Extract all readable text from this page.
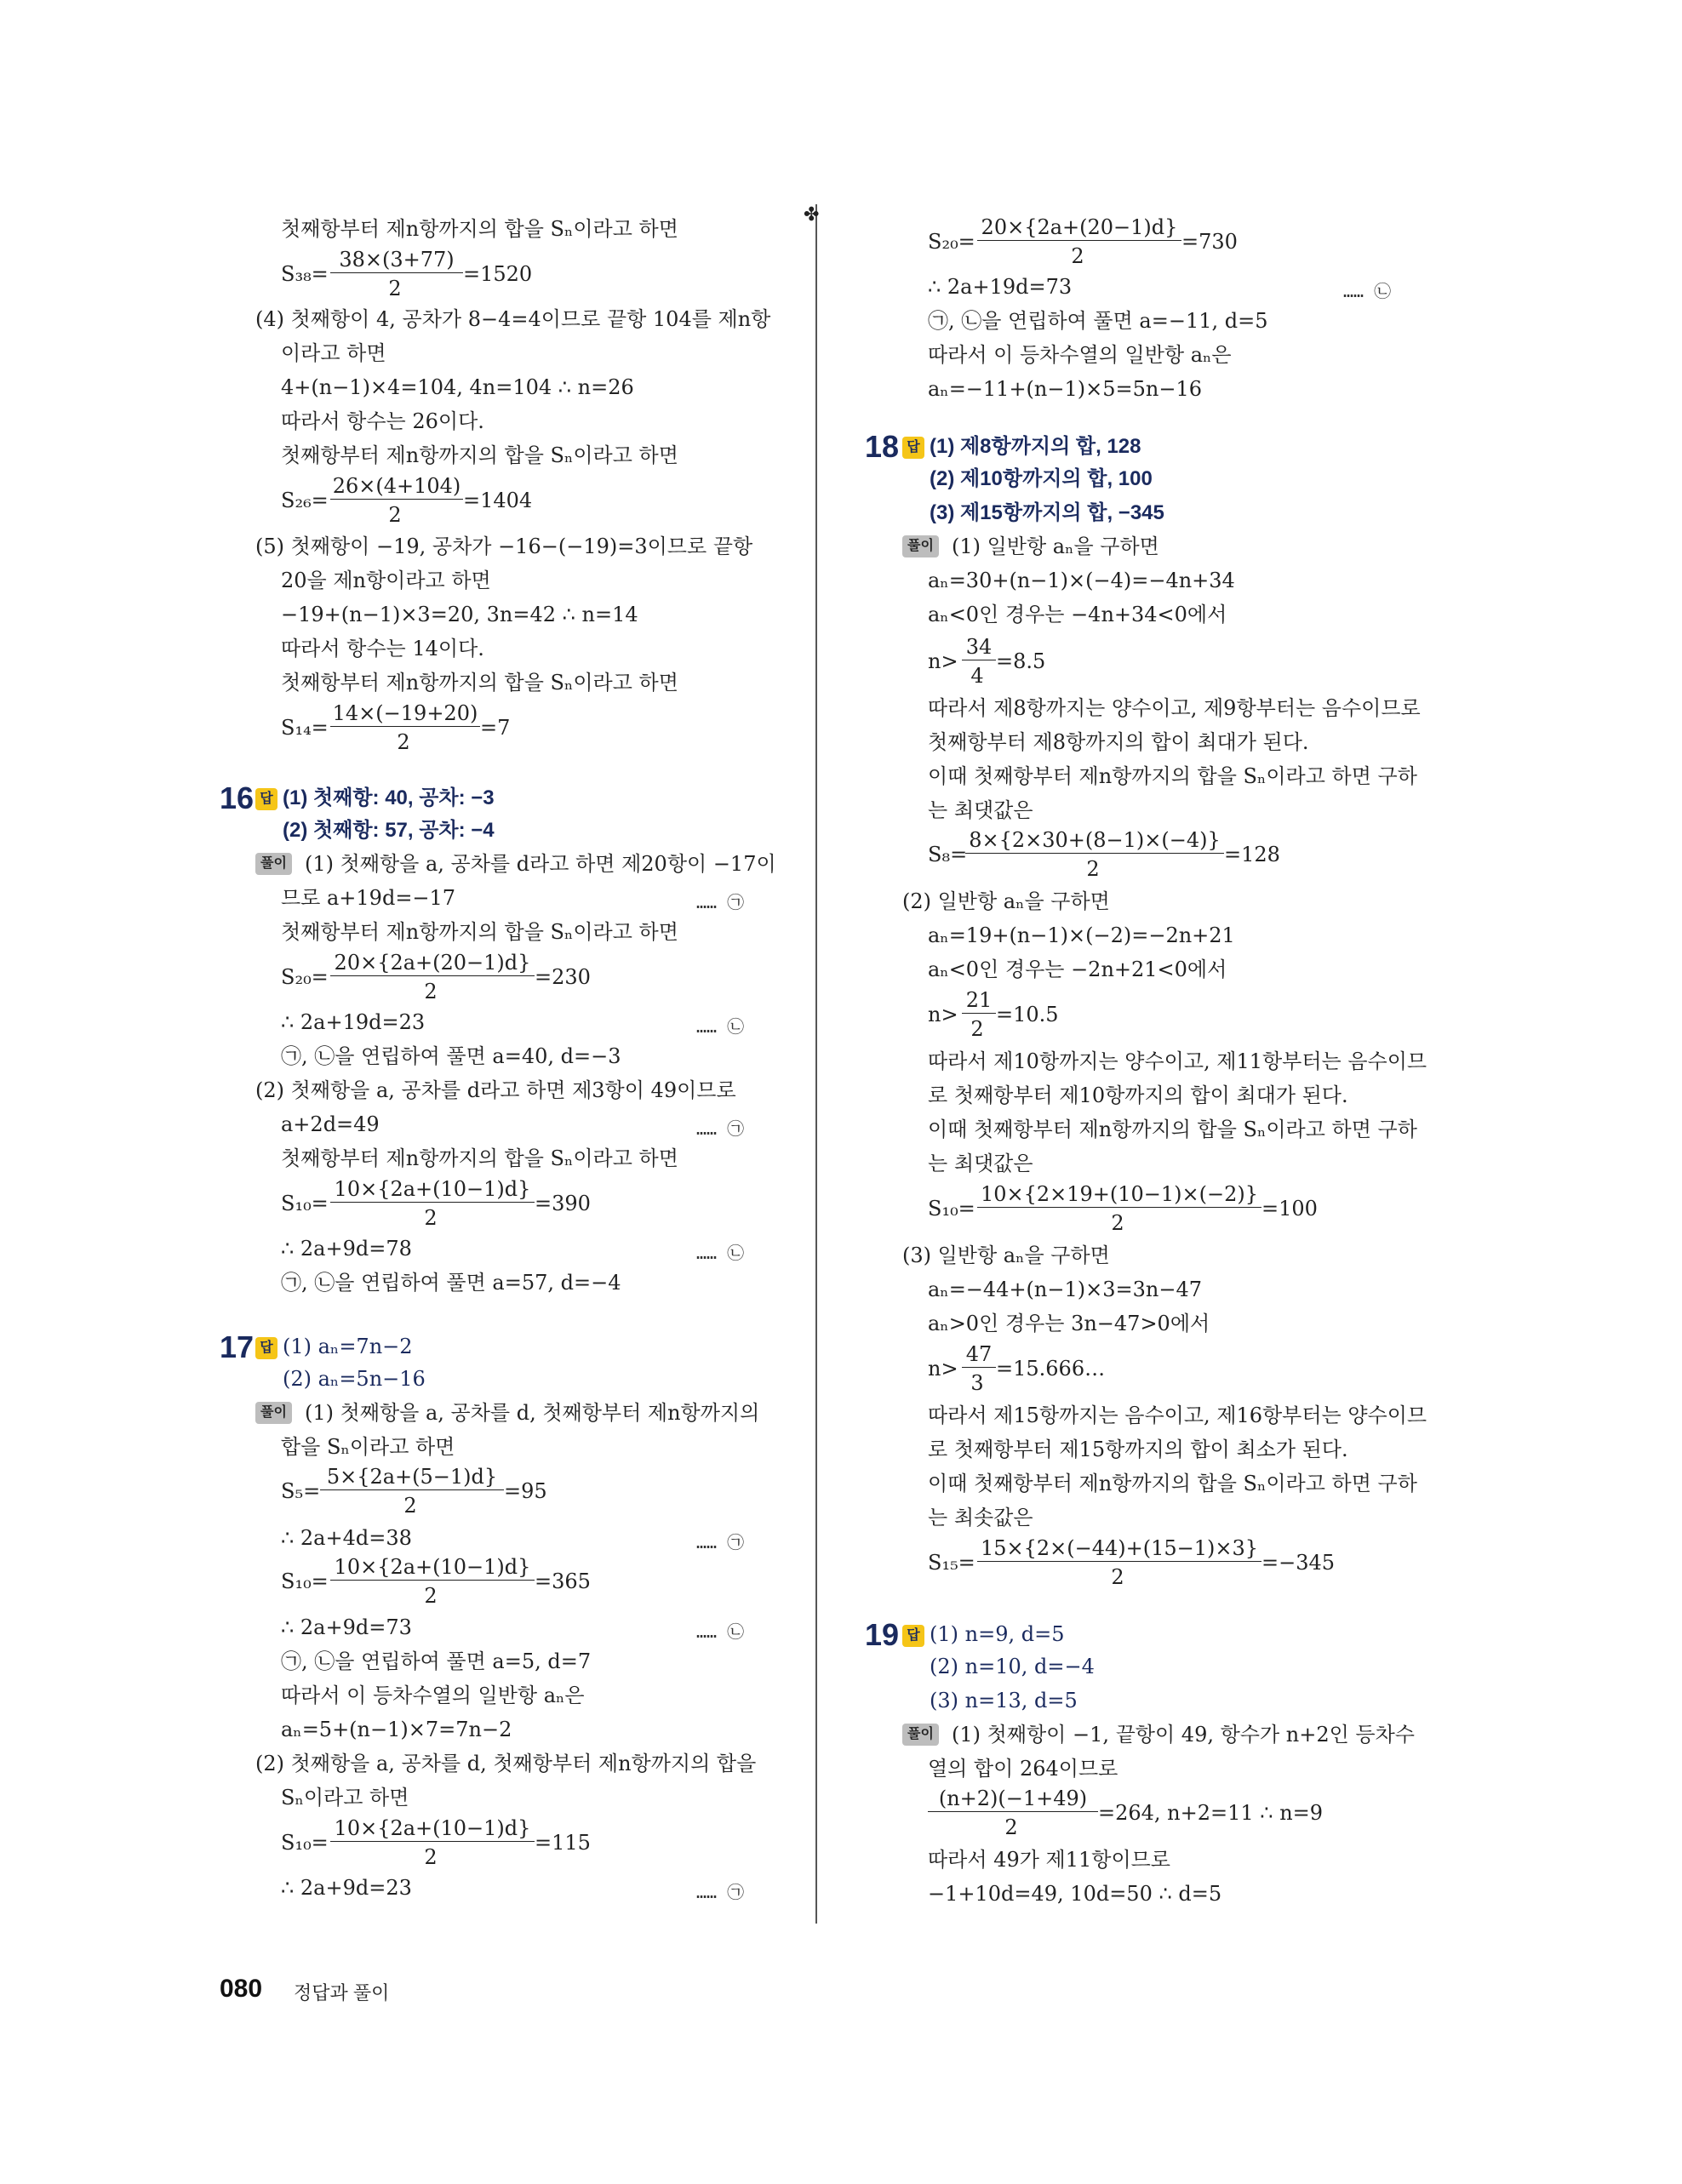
✤
첫째항부터 제n항까지의 합을 Sₙ이라고 하면
S₃₈=
38×(3+77)
2
=1520
(4) 첫째항이 4, 공차가 8−4=4이므로 끝항 104를 제n항
이라고 하면
4+(n−1)×4=104, 4n=104 ∴ n=26
따라서 항수는 26이다.
첫째항부터 제n항까지의 합을 Sₙ이라고 하면
S₂₆=
26×(4+104)
2
=1404
(5) 첫째항이 −19, 공차가 −16−(−19)=3이므로 끝항
20을 제n항이라고 하면
−19+(n−1)×3=20, 3n=42 ∴ n=14
따라서 항수는 14이다.
첫째항부터 제n항까지의 합을 Sₙ이라고 하면
S₁₄=
14×(−19+20)
2
=7
16 답 (1) 첫째항: 40, 공차: −3
(2) 첫째항: 57, 공차: −4
풀이 (1) 첫째항을 a, 공차를 d라고 하면 제20항이 −17이
므로 a+19d=−17	…… ㉠
첫째항부터 제n항까지의 합을 Sₙ이라고 하면
S₂₀=
20×{2a+(20−1)d}
2
=230
∴ 2a+19d=23	…… ㉡
㉠, ㉡을 연립하여 풀면 a=40, d=−3
(2) 첫째항을 a, 공차를 d라고 하면 제3항이 49이므로
a+2d=49	…… ㉠
첫째항부터 제n항까지의 합을 Sₙ이라고 하면
S₁₀=
10×{2a+(10−1)d}
2
=390
∴ 2a+9d=78	…… ㉡
㉠, ㉡을 연립하여 풀면 a=57, d=−4
17 답 (1) aₙ=7n−2
(2) aₙ=5n−16
풀이 (1) 첫째항을 a, 공차를 d, 첫째항부터 제n항까지의
합을 Sₙ이라고 하면
S₅=
5×{2a+(5−1)d}
2
=95
∴ 2a+4d=38	…… ㉠
S₁₀=
10×{2a+(10−1)d}
2
=365
∴ 2a+9d=73	…… ㉡
㉠, ㉡을 연립하여 풀면 a=5, d=7
따라서 이 등차수열의 일반항 aₙ은
aₙ=5+(n−1)×7=7n−2
(2) 첫째항을 a, 공차를 d, 첫째항부터 제n항까지의 합을
Sₙ이라고 하면
S₁₀=
10×{2a+(10−1)d}
2
=115
∴ 2a+9d=23	…… ㉠
S₂₀=
20×{2a+(20−1)d}
2
=730
∴ 2a+19d=73	…… ㉡
㉠, ㉡을 연립하여 풀면 a=−11, d=5
따라서 이 등차수열의 일반항 aₙ은
aₙ=−11+(n−1)×5=5n−16
18 답 (1) 제8항까지의 합, 128
(2) 제10항까지의 합, 100
(3) 제15항까지의 합, −345
풀이 (1) 일반항 aₙ을 구하면
aₙ=30+(n−1)×(−4)=−4n+34
aₙ<0인 경우는 −4n+34<0에서
n>
34
4
=8.5
따라서 제8항까지는 양수이고, 제9항부터는 음수이므로
첫째항부터 제8항까지의 합이 최대가 된다.
이때 첫째항부터 제n항까지의 합을 Sₙ이라고 하면 구하
는 최댓값은
S₈=
8×{2×30+(8−1)×(−4)}
2
=128
(2) 일반항 aₙ을 구하면
aₙ=19+(n−1)×(−2)=−2n+21
aₙ<0인 경우는 −2n+21<0에서
n>
21
2
=10.5
따라서 제10항까지는 양수이고, 제11항부터는 음수이므
로 첫째항부터 제10항까지의 합이 최대가 된다.
이때 첫째항부터 제n항까지의 합을 Sₙ이라고 하면 구하
는 최댓값은
S₁₀=
10×{2×19+(10−1)×(−2)}
2
=100
(3) 일반항 aₙ을 구하면
aₙ=−44+(n−1)×3=3n−47
aₙ>0인 경우는 3n−47>0에서
n>
47
3
=15.666…
따라서 제15항까지는 음수이고, 제16항부터는 양수이므
로 첫째항부터 제15항까지의 합이 최소가 된다.
이때 첫째항부터 제n항까지의 합을 Sₙ이라고 하면 구하
는 최솟값은
S₁₅=
15×{2×(−44)+(15−1)×3}
2
=−345
19 답 (1) n=9, d=5
(2) n=10, d=−4
(3) n=13, d=5
풀이 (1) 첫째항이 −1, 끝항이 49, 항수가 n+2인 등차수
열의 합이 264이므로
(n+2)(−1+49)
2
=264, n+2=11 ∴ n=9
따라서 49가 제11항이므로
−1+10d=49, 10d=50 ∴ d=5
080 정답과 풀이
